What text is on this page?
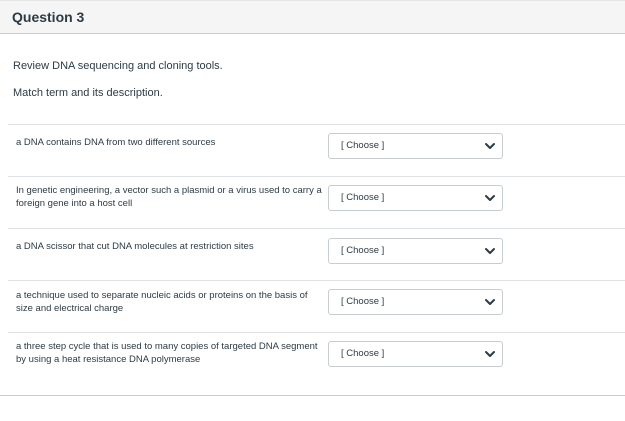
Question 3
Review DNA sequencing and cloning tools.
Match term and its description.
a DNA contains DNA from two different sources	[ Choose ]
In genetic engineering, a vector such a plasmid or a virus used to carry a foreign gene into a host cell
[ Choose ]
a DNA scissor that cut DNA molecules at restriction sites	[ Choose ]
a technique used to separate nucleic acids or proteins on the basis of size and electrical charge
[ Choose ]
a three step cycle that is used to many copies of targeted DNA segment by using a heat resistance DNA polymerase
[ Choose ]
